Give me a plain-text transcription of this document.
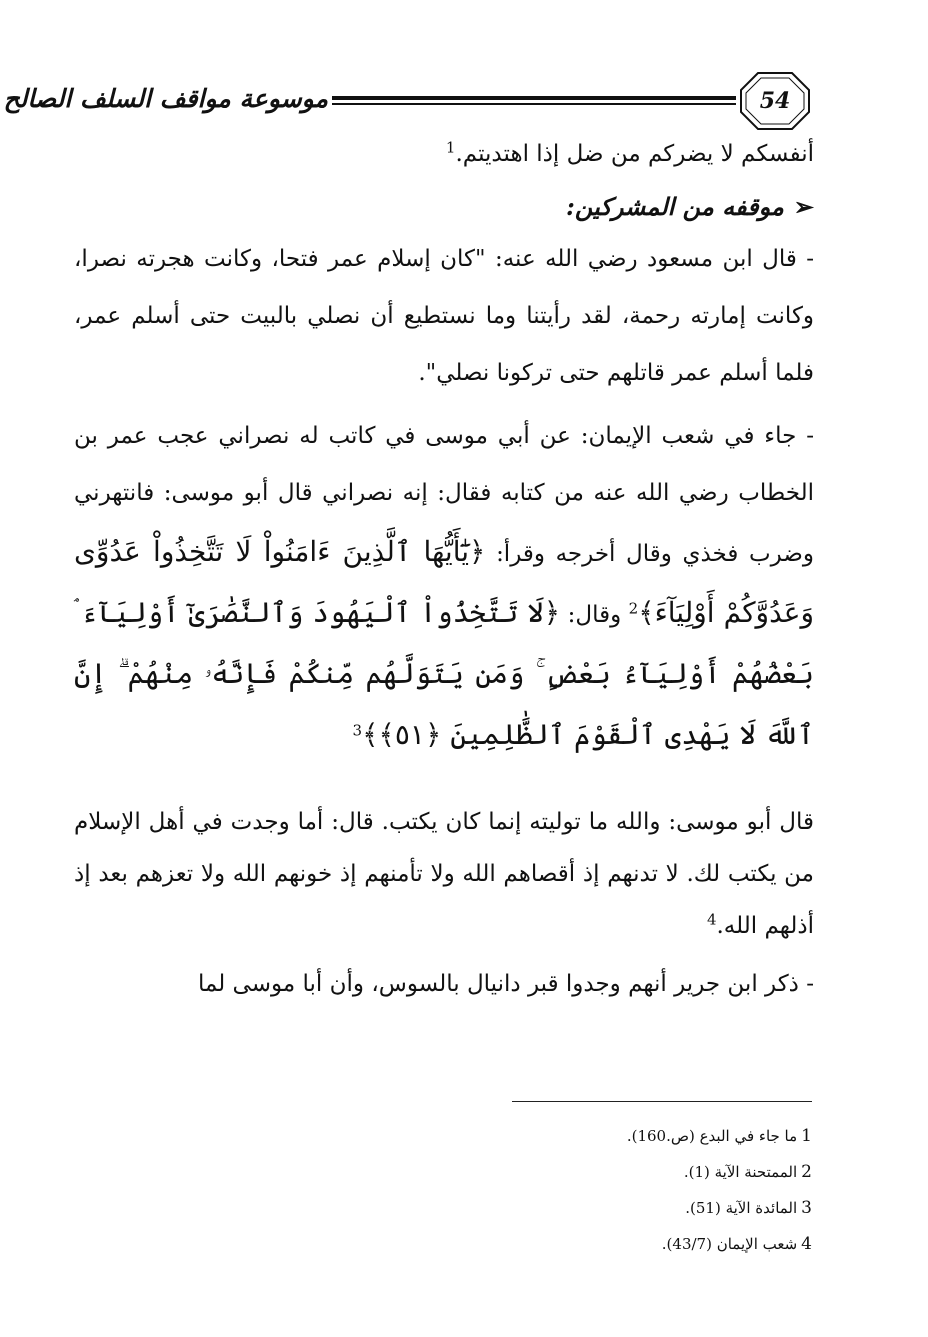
موسوعة مواقف السلف الصالح	54
أنفسكم لا يضركم من ضل إذا اهتديتم.$^1$
➢موقفه من المشركين:
- قال ابن مسعود رضي الله عنه: "كان إسلام عمر فتحا، وكانت هجرته نصرا، وكانت إمارته رحمة، لقد رأيتنا وما نستطيع أن نصلي بالبيت حتى أسلم عمر، فلما أسلم عمر قاتلهم حتى تركونا نصلي".
- جاء في شعب الإيمان: عن أبي موسى في كاتب له نصراني عجب عمر بن الخطاب رضي الله عنه من كتابه فقال: إنه نصراني قال أبو موسى: فانتهرني وضرب فخذي وقال أخرجه وقرأ: ﴿يَٰٓأَيُّهَا ٱلَّذِينَ ءَامَنُواْ لَا تَتَّخِذُواْ عَدُوِّى وَعَدُوَّكُمْ أَوْلِيَآءَ﴾$^2$ وقال: ﴿لَا تَتَّخِذُواْ ٱلْيَهُودَ وَٱلنَّصَٰرَىٰٓ أَوْلِيَآءَ ۘ بَعْضُهُمْ أَوْلِيَآءُ بَعْضٍ ۚ وَمَن يَتَوَلَّهُم مِّنكُمْ فَإِنَّهُۥ مِنْهُمْ ۗ إِنَّ ٱللَّهَ لَا يَهْدِى ٱلْقَوْمَ ٱلظَّٰلِمِينَ ﴿٥١﴾﴾$^3$
قال أبو موسى: والله ما توليته إنما كان يكتب. قال: أما وجدت في أهل الإسلام من يكتب لك. لا تدنهم إذ أقصاهم الله ولا تأمنهم إذ خونهم الله ولا تعزهم بعد إذ أذلهم الله.$^4$
- ذكر ابن جرير أنهم وجدوا قبر دانيال بالسوس، وأن أبا موسى لما
1ما جاء في البدع (ص.160).
2الممتحنة الآية (1).
3المائدة الآية (51).
4شعب الإيمان (43/7).
